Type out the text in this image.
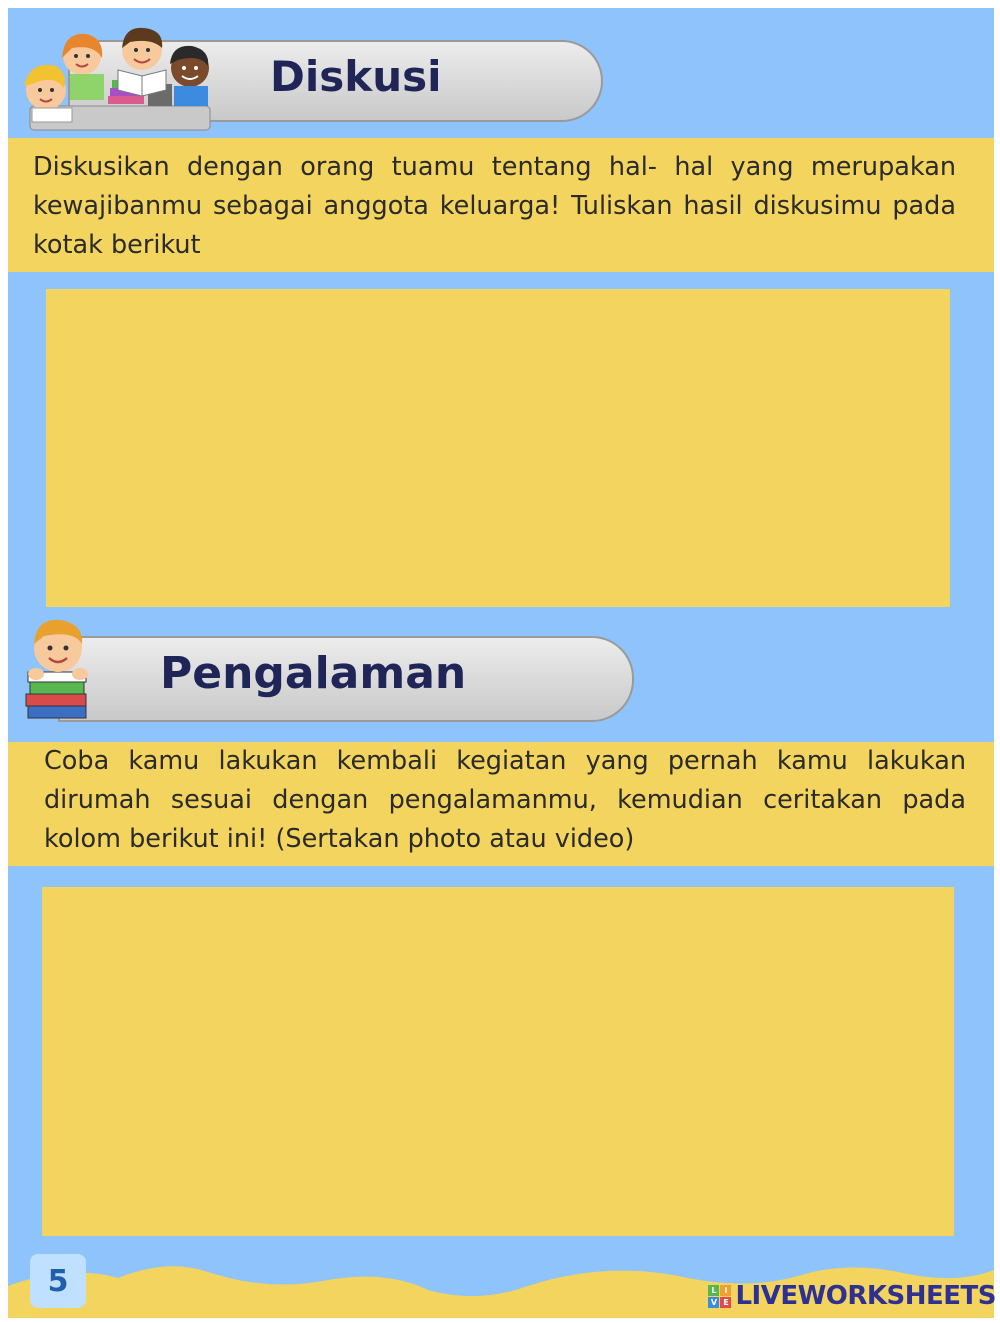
Diskusi

Diskusikan dengan orang tuamu tentang hal- hal yang merupakan kewajibanmu sebagai anggota keluarga! Tuliskan hasil diskusimu pada kotak berikut

Pengalaman

Coba kamu lakukan kembali kegiatan yang pernah kamu lakukan dirumah sesuai dengan pengalamanmu, kemudian ceritakan pada kolom berikut ini! (Sertakan photo atau video)

5	L I
V E LIVEWORKSHEETS
